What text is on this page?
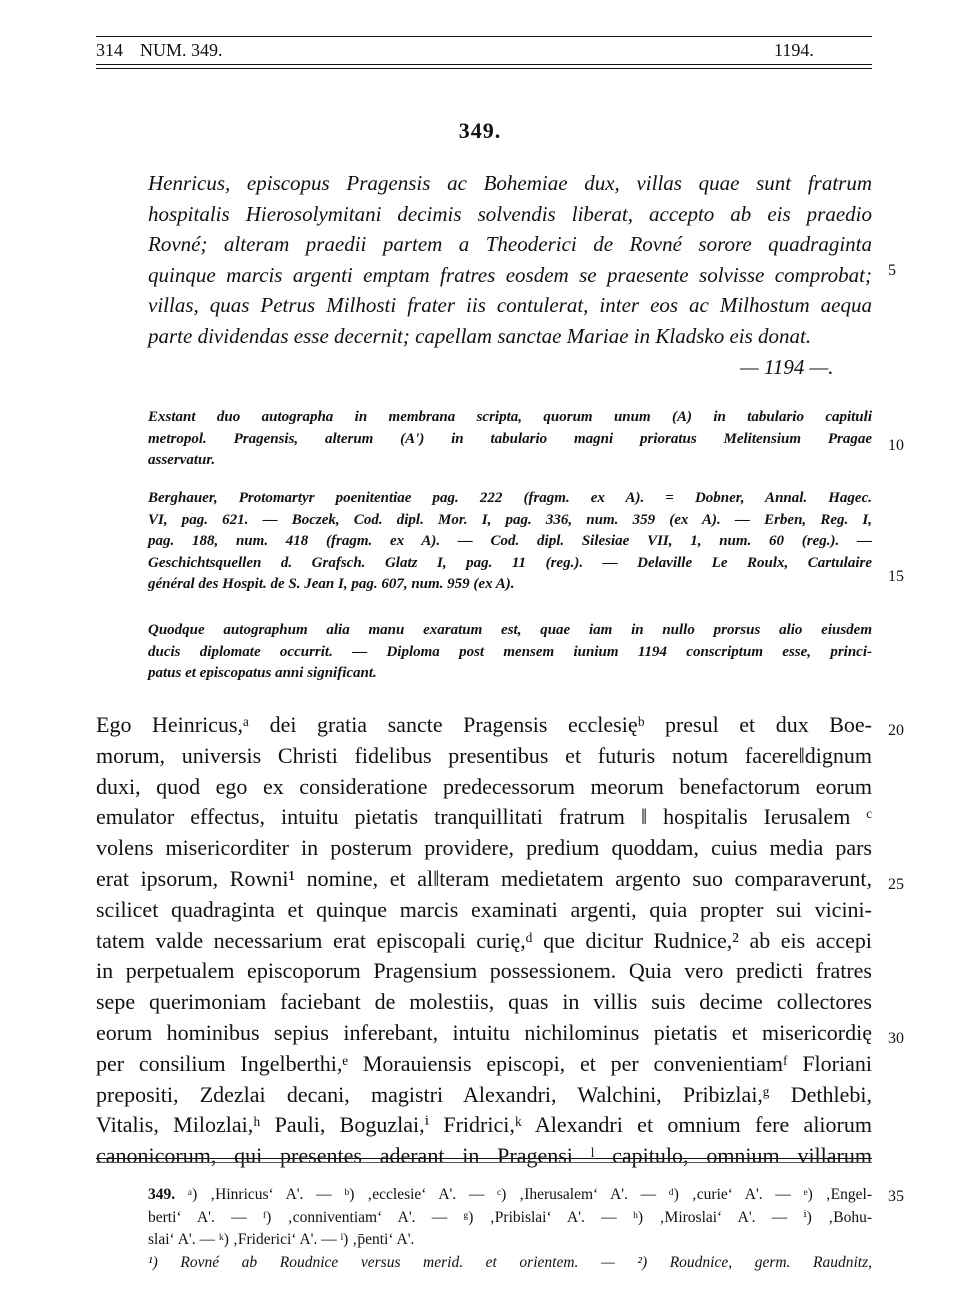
314 NUM. 349.	1194.
349.
Henricus, episcopus Pragensis ac Bohemiae dux, villas quae sunt fratrum
hospitalis Hierosolymitani decimis solvendis liberat, accepto ab eis praedio
Rovné; alteram praedii partem a Theoderici de Rovné sorore quadraginta
quinque marcis argenti emptam fratres eosdem se praesente solvisse comprobat;
villas, quas Petrus Milhosti frater iis contulerat, inter eos ac Milhostum aequa
parte dividendas esse decernit; capellam sanctae Mariae in Kladsko eis donat.
5
— 1194 —.
Exstant duo autographa in membrana scripta, quorum unum (A) in tabulario capituli
metropol. Pragensis, alterum (A') in tabulario magni prioratus Melitensium Pragae
asservatur.
10
Berghauer, Protomartyr poenitentiae pag. 222 (fragm. ex A). = Dobner, Annal. Hagec.
VI, pag. 621. — Boczek, Cod. dipl. Mor. I, pag. 336, num. 359 (ex A). — Erben, Reg. I,
pag. 188, num. 418 (fragm. ex A). — Cod. dipl. Silesiae VII, 1, num. 60 (reg.). —
Geschichtsquellen d. Grafsch. Glatz I, pag. 11 (reg.). — Delaville Le Roulx, Cartulaire
général des Hospit. de S. Jean I, pag. 607, num. 959 (ex A).	15
Quodque autographum alia manu exaratum est, quae iam in nullo prorsus alio eiusdem
ducis diplomate occurrit. — Diploma post mensem iunium 1194 conscriptum esse, princi-
patus et episcopatus anni significant.
Ego Heinricus,ᵃ dei gratia sancte Pragensis ecclesięᵇ presul et dux Boe-
morum, universis Christi fidelibus presentibus et futuris notum facere‖dignum
duxi, quod ego ex consideratione predecessorum meorum benefactorum eorum
emulator effectus, intuitu pietatis tranquillitati fratrum ‖ hospitalis Ierusalem ᶜ
volens misericorditer in posterum providere, predium quoddam, cuius media pars
erat ipsorum, Rowni¹ nomine, et al‖teram medietatem argento suo comparaverunt,
scilicet quadraginta et quinque marcis examinati argenti, quia propter sui vicini-
tatem valde necessarium erat episcopali curię,ᵈ que dicitur Rudnice,² ab eis accepi
in perpetualem episcoporum Pragensium possessionem. Quia vero predicti fratres
sepe querimoniam faciebant de molestiis, quas in villis suis decime collectores
eorum hominibus sepius inferebant, intuitu nichilominus pietatis et misericordię
per consilium Ingelberthi,ᵉ Morauiensis episcopi, et per convenientiamᶠ Floriani
prepositi, Zdezlai decani, magistri Alexandri, Walchini, Pribizlai,ᵍ Dethlebi,
Vitalis, Milozlai,ʰ Pauli, Boguzlai,ⁱ Fridrici,ᵏ Alexandri et omnium fere aliorum
canonicorum, qui presentes aderant in Pragensi ˡ capitulo, omnium villarum
20
25
30
349. ᵃ) ‚Hinricus‘ A'. — ᵇ) ‚ecclesie‘ A'. — ᶜ) ‚Iherusalem‘ A'. — ᵈ) ‚curie‘ A'. — ᵉ) ‚Engel-
berti‘ A'. — ᶠ) ‚conniventiam‘ A'. — ᵍ) ‚Pribislai‘ A'. — ʰ) ‚Miroslai‘ A'. — ⁱ) ‚Bohu-
slai‘ A'. — ᵏ) ‚Friderici‘ A'. — ˡ) ‚p̄enti‘ A'.
¹) Rovné ab Roudnice versus merid. et orientem. — ²) Roudnice, germ. Raudnitz,
35
